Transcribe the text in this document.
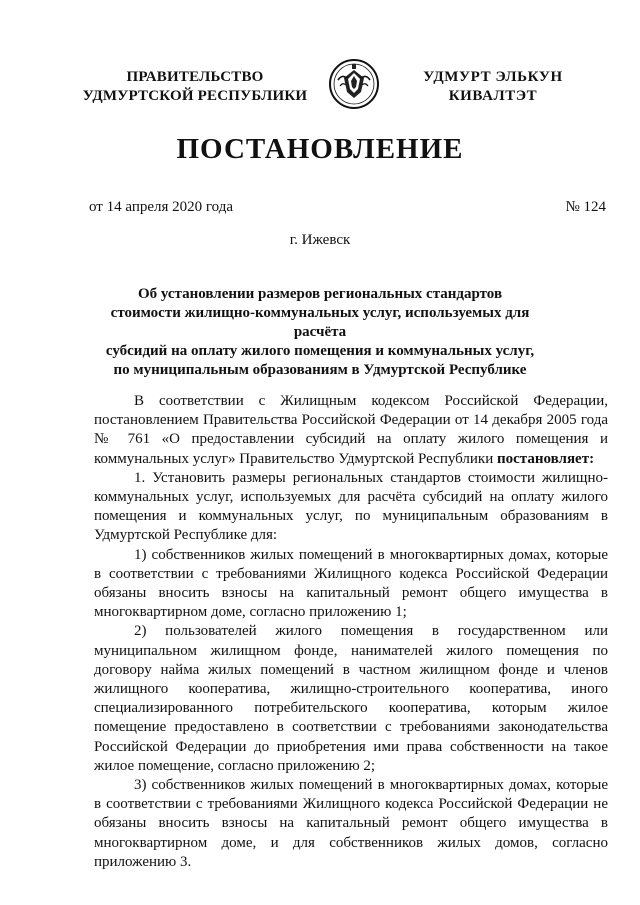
ПРАВИТЕЛЬСТВО
УДМУРТСКОЙ РЕСПУБЛИКИ
УДМУРТ ЭЛЬКУН
КИВАЛТЭТ
ПОСТАНОВЛЕНИЕ
от 14 апреля 2020 года	№ 124
г. Ижевск
Об установлении размеров региональных стандартов
стоимости жилищно-коммунальных услуг, используемых для расчёта
субсидий на оплату жилого помещения и коммунальных услуг,
по муниципальным образованиям в Удмуртской Республике

В соответствии с Жилищным кодексом Российской Федерации, постановлением Правительства Российской Федерации от 14 декабря 2005 года № 761 «О предоставлении субсидий на оплату жилого помещения и коммунальных услуг» Правительство Удмуртской Республики постановляет:

1. Установить размеры региональных стандартов стоимости жилищно-коммунальных услуг, используемых для расчёта субсидий на оплату жилого помещения и коммунальных услуг, по муниципальным образованиям в Удмуртской Республике для:

1) собственников жилых помещений в многоквартирных домах, которые в соответствии с требованиями Жилищного кодекса Российской Федерации обязаны вносить взносы на капитальный ремонт общего имущества в многоквартирном доме, согласно приложению 1;

2) пользователей жилого помещения в государственном или муниципальном жилищном фонде, нанимателей жилого помещения по договору найма жилых помещений в частном жилищном фонде и членов жилищного кооператива, жилищно-строительного кооператива, иного специализированного потребительского кооператива, которым жилое помещение предоставлено в соответствии с требованиями законодательства Российской Федерации до приобретения ими права собственности на такое жилое помещение, согласно приложению 2;

3) собственников жилых помещений в многоквартирных домах, которые в соответствии с требованиями Жилищного кодекса Российской Федерации не обязаны вносить взносы на капитальный ремонт общего имущества в многоквартирном доме, и для собственников жилых домов, согласно приложению 3.
